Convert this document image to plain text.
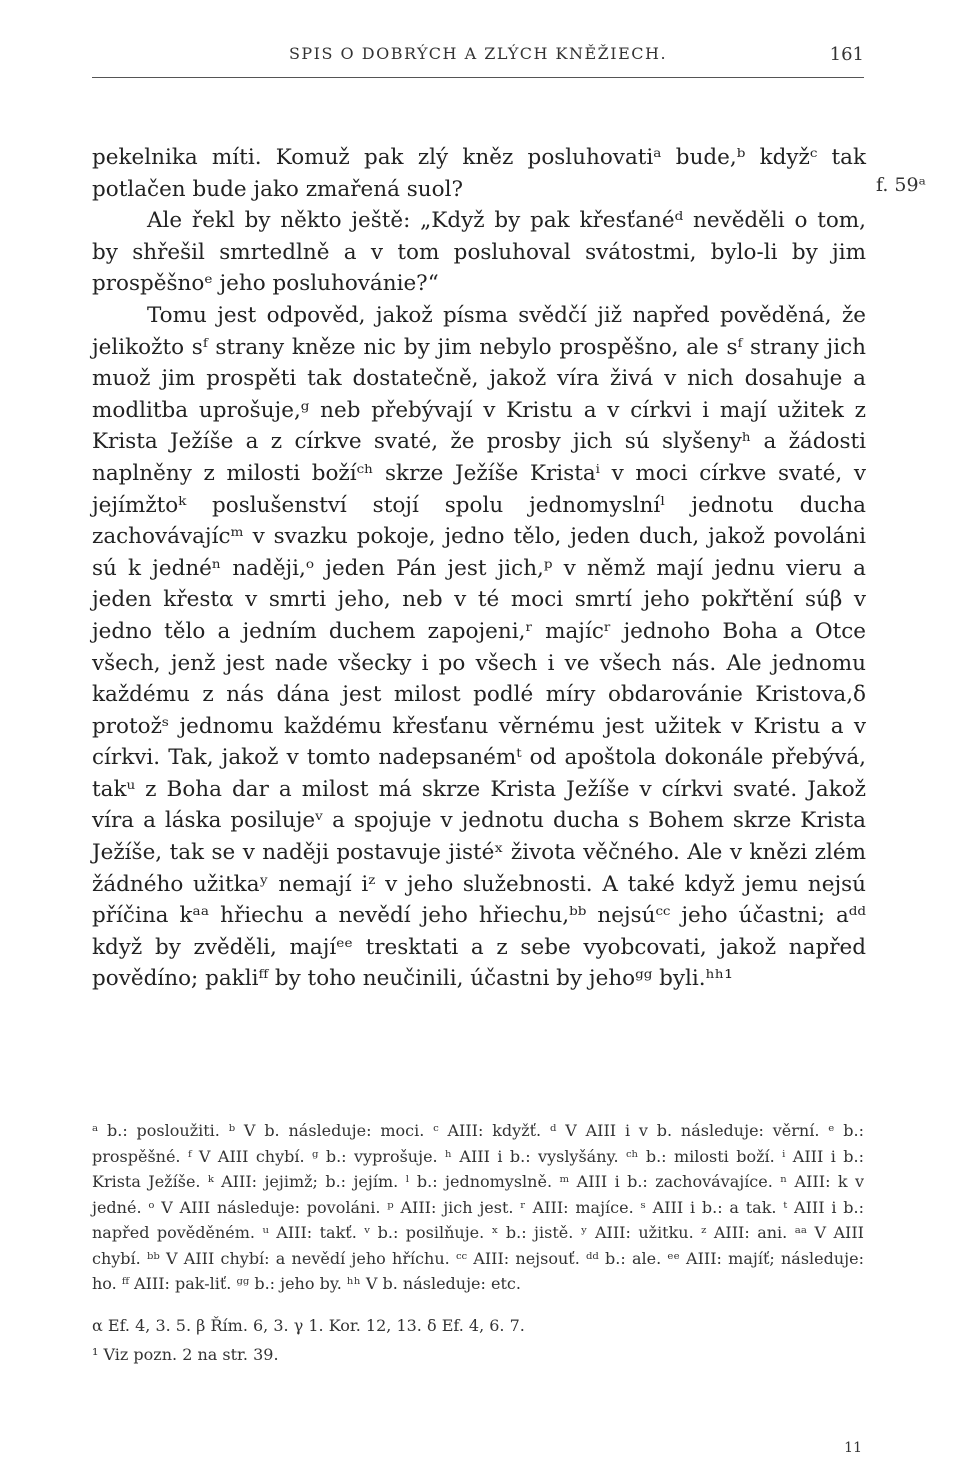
SPIS O DOBRÝCH A ZLÝCH KNĚŽIECH.	161
f. 59ᵃ

pekelnika míti. Komuž pak zlý kněz posluhovatiᵃ bude,ᵇ kdyžᶜ tak potlačen bude jako zmařená suol?

Ale řekl by někto ještě: „Když by pak křesťanéᵈ nevěděli o tom, by shřešil smrtedlně a v tom posluhoval svátostmi, bylo-li by jim prospěšnoᵉ jeho posluhovánie?“

Tomu jest odpověd, jakož písma svědčí již napřed pověděná, že jelikožto sᶠ strany kněze nic by jim nebylo prospěšno, ale sᶠ strany jich muož jim prospěti tak dostatečně, jakož víra živá v nich dosahuje a modlitba uprošuje,ᵍ neb přebývají v Kristu a v církvi i mají užitek z Krista Ježíše a z církve svaté, že prosby jich sú slyšenyʰ a žádosti naplněny z milosti božíᶜʰ skrze Ježíše Kristaⁱ v moci církve svaté, v jejímžtoᵏ poslušenství stojí spolu jednomyslníˡ jednotu ducha zachovávajícᵐ v svazku pokoje, jedno tělo, jeden duch, jakož povoláni sú k jednéⁿ naději,ᵒ jeden Pán jest jich,ᵖ v němž mají jednu vieru a jeden křestα v smrti jeho, neb v té moci smrtí jeho pokřtění súβ v jedno tělo a jedním duchem zapojeni,ʳ majícʳ jednoho Boha a Otce všech, jenž jest nade všecky i po všech i ve všech nás. Ale jednomu každému z nás dána jest milost podlé míry obdarovánie Kristova,δ protožˢ jednomu každému křesťanu věrnému jest užitek v Kristu a v církvi. Tak, jakož v tomto nadepsanémᵗ od apoštola dokonále přebývá, takᵘ z Boha dar a milost má skrze Krista Ježíše v církvi svaté. Jakož víra a láska posilujeᵛ a spojuje v jednotu ducha s Bohem skrze Krista Ježíše, tak se v naději postavuje jistéˣ života věčného. Ale v knězi zlém žádného užitkaʸ nemají iᶻ v jeho služebnosti. A také když jemu nejsú příčina kᵃᵃ hřiechu a nevědí jeho hřiechu,ᵇᵇ nejsúᶜᶜ jeho účastni; aᵈᵈ když by zvěděli, majíᵉᵉ tresktati a z sebe vyobcovati, jakož napřed povědíno; pakliᶠᶠ by toho neučinili, účastni by jehoᵍᵍ byli.ʰʰ¹

ᵃ b.: posloužiti. ᵇ V b. následuje: moci. ᶜ AIII: kdyžť. ᵈ V AIII i v b. následuje: věrní. ᵉ b.: prospěšné. ᶠ V AIII chybí. ᵍ b.: vyprošuje. ʰ AIII i b.: vyslyšány. ᶜʰ b.: milosti boží. ⁱ AIII i b.: Krista Ježíše. ᵏ AIII: jejimž; b.: jejím. ˡ b.: jednomyslně. ᵐ AIII i b.: zachovávajíce. ⁿ AIII: k v jedné. ᵒ V AIII následuje: povoláni. ᵖ AIII: jich jest. ʳ AIII: majíce. ˢ AIII i b.: a tak. ᵗ AIII i b.: napřed pověděném. ᵘ AIII: takť. ᵛ b.: posilňuje. ˣ b.: jistě. ʸ AIII: užitku. ᶻ AIII: ani. ᵃᵃ V AIII chybí. ᵇᵇ V AIII chybí: a nevědí jeho hříchu. ᶜᶜ AIII: nejsouť. ᵈᵈ b.: ale. ᵉᵉ AIII: majíť; následuje: ho. ᶠᶠ AIII: pak-liť. ᵍᵍ b.: jeho by. ʰʰ V b. následuje: etc.

α Ef. 4, 3. 5. β Řím. 6, 3. γ 1. Kor. 12, 13. δ Ef. 4, 6. 7.

¹ Viz pozn. 2 na str. 39.

11
